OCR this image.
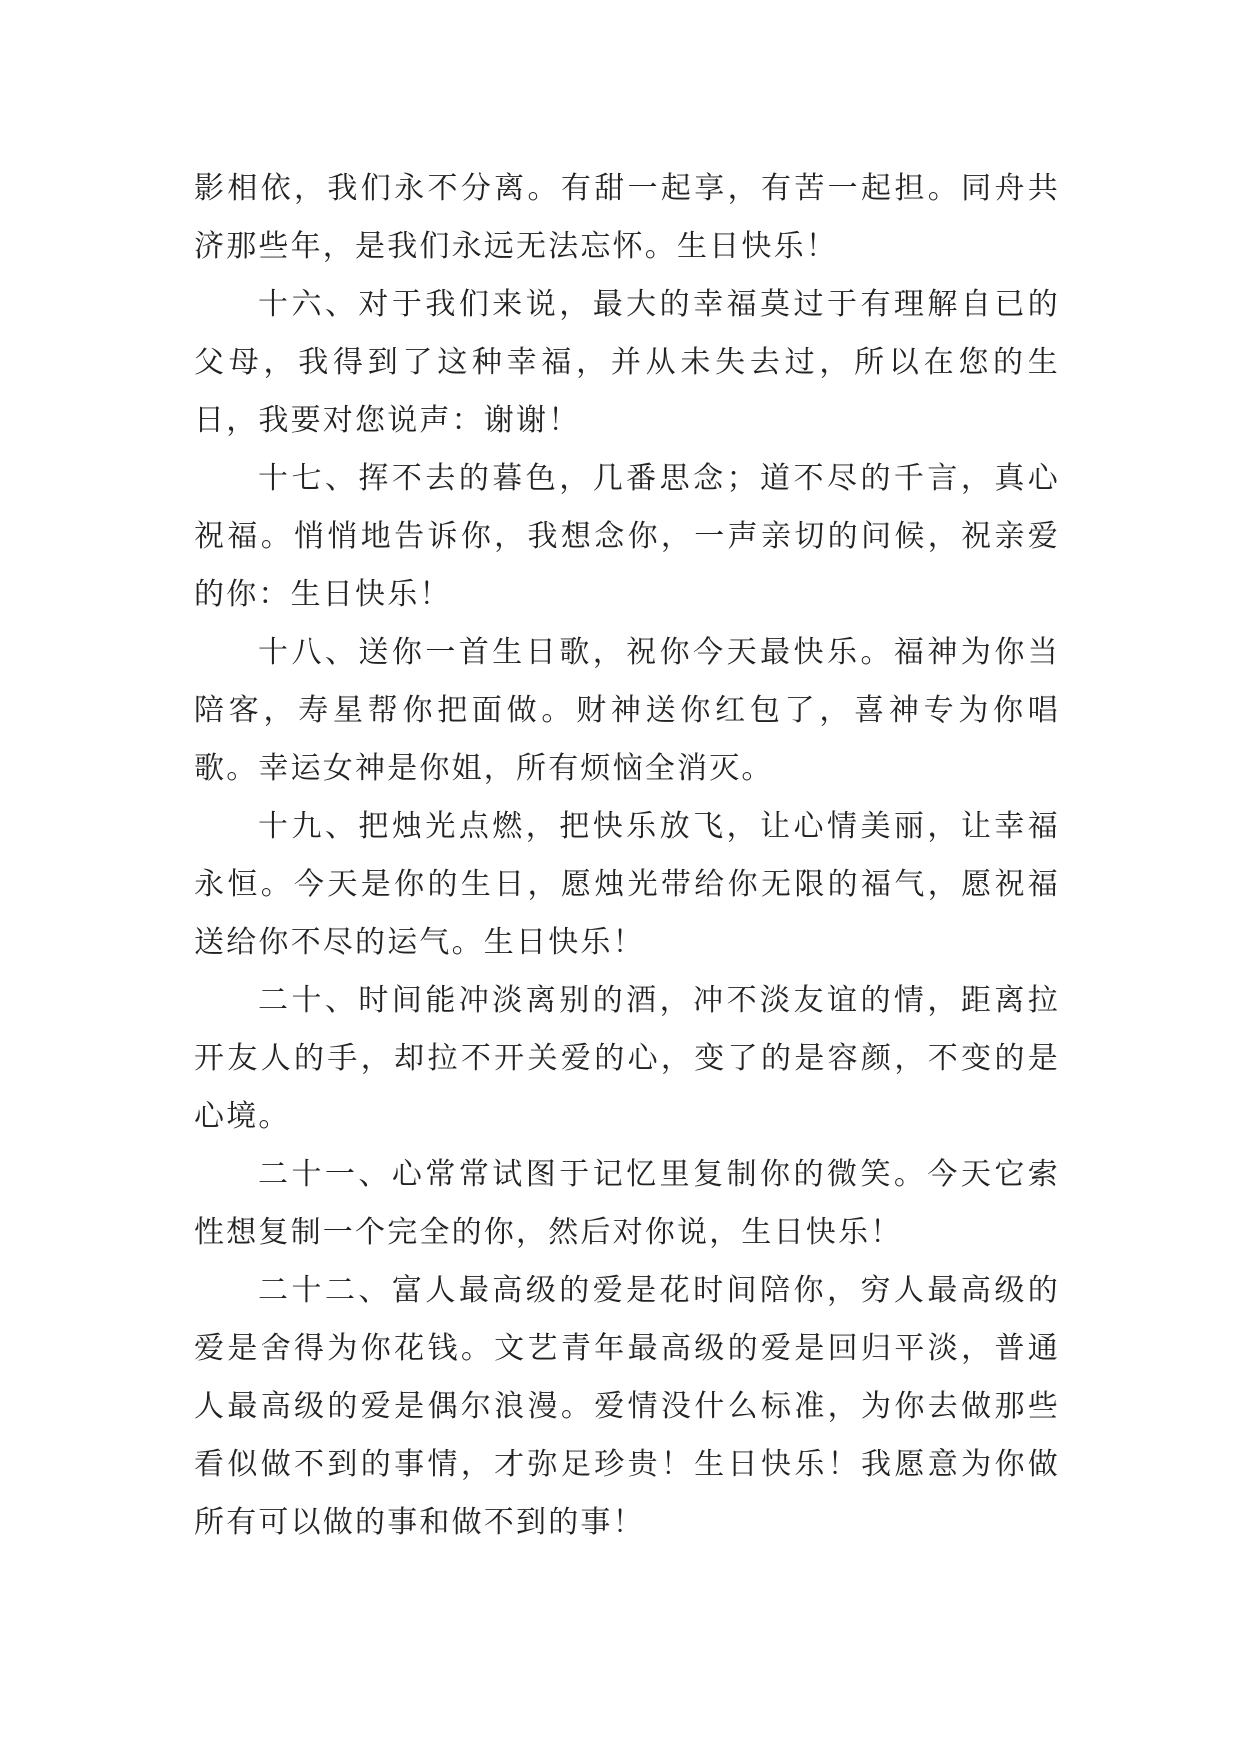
影相依，我们永不分离。有甜一起享，有苦一起担。同舟共济那些年，是我们永远无法忘怀。生日快乐！

十六、对于我们来说，最大的幸福莫过于有理解自已的父母，我得到了这种幸福，并从未失去过，所以在您的生日，我要对您说声：谢谢！

十七、挥不去的暮色，几番思念；道不尽的千言，真心祝福。悄悄地告诉你，我想念你，一声亲切的问候，祝亲爱的你：生日快乐！

十八、送你一首生日歌，祝你今天最快乐。福神为你当陪客，寿星帮你把面做。财神送你红包了，喜神专为你唱歌。幸运女神是你姐，所有烦恼全消灭。

十九、把烛光点燃，把快乐放飞，让心情美丽，让幸福永恒。今天是你的生日，愿烛光带给你无限的福气，愿祝福送给你不尽的运气。生日快乐！

二十、时间能冲淡离别的酒，冲不淡友谊的情，距离拉开友人的手，却拉不开关爱的心，变了的是容颜，不变的是心境。

二十一、心常常试图于记忆里复制你的微笑。今天它索性想复制一个完全的你，然后对你说，生日快乐！

二十二、富人最高级的爱是花时间陪你，穷人最高级的爱是舍得为你花钱。文艺青年最高级的爱是回归平淡，普通人最高级的爱是偶尔浪漫。爱情没什么标准，为你去做那些看似做不到的事情，才弥足珍贵！生日快乐！我愿意为你做所有可以做的事和做不到的事！
